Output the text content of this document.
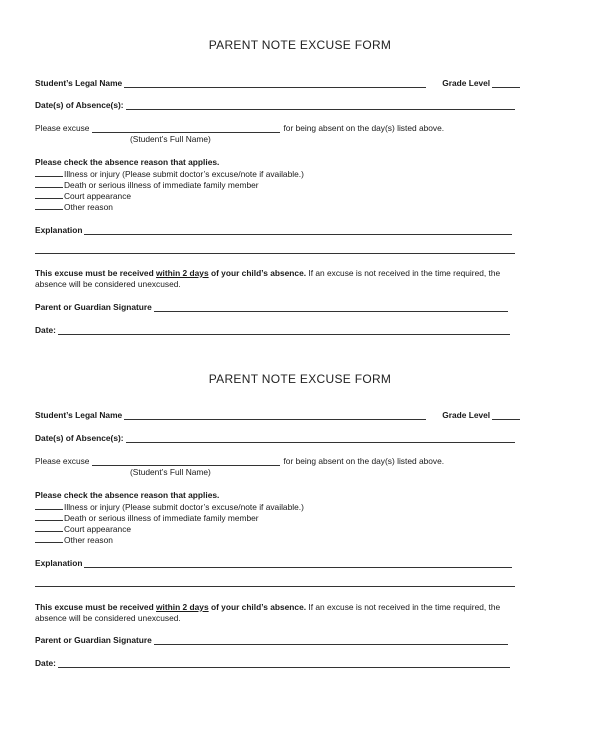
PARENT NOTE EXCUSE FORM
Student’s Legal Name	Grade Level
Date(s) of Absence(s):
Please excuse	for being absent on the day(s) listed above.
(Student’s Full Name)
Please check the absence reason that applies.
Illness or injury (Please submit doctor’s excuse/note if available.)
Death or serious illness of immediate family member
Court appearance
Other reason
Explanation
This excuse must be received within 2 days of your child’s absence. If an excuse is not received in the time required, the
absence will be considered unexcused.
Parent or Guardian Signature
Date:
PARENT NOTE EXCUSE FORM
Student’s Legal Name	Grade Level
Date(s) of Absence(s):
Please excuse	for being absent on the day(s) listed above.
(Student’s Full Name)
Please check the absence reason that applies.
Illness or injury (Please submit doctor’s excuse/note if available.)
Death or serious illness of immediate family member
Court appearance
Other reason
Explanation
This excuse must be received within 2 days of your child’s absence. If an excuse is not received in the time required, the
absence will be considered unexcused.
Parent or Guardian Signature
Date:
